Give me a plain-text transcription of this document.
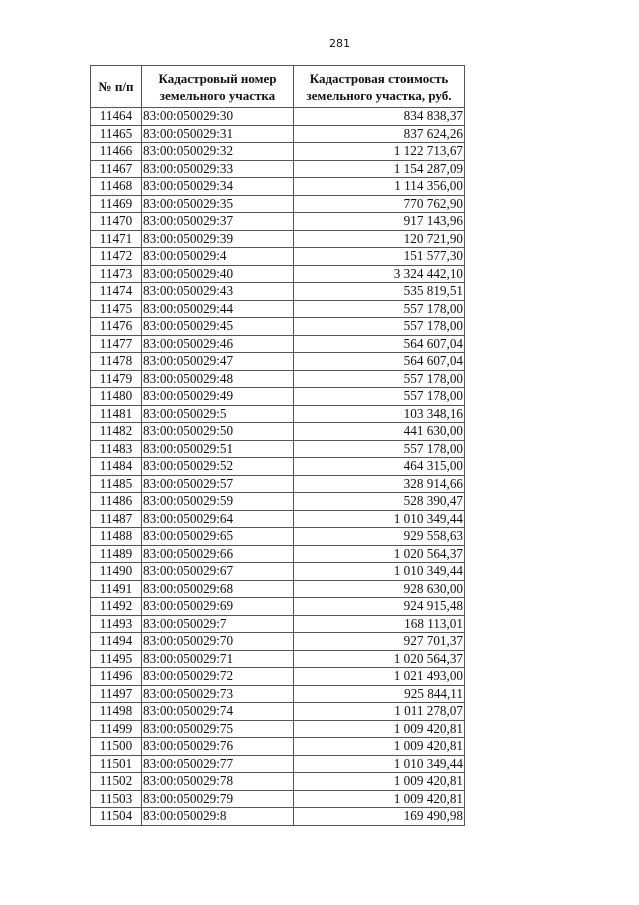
281
№ п/п	Кадастровый номер земельного участка	Кадастровая стоимость земельного участка, руб.
11464	83:00:050029:30	834 838,37
11465	83:00:050029:31	837 624,26
11466	83:00:050029:32	1 122 713,67
11467	83:00:050029:33	1 154 287,09
11468	83:00:050029:34	1 114 356,00
11469	83:00:050029:35	770 762,90
11470	83:00:050029:37	917 143,96
11471	83:00:050029:39	120 721,90
11472	83:00:050029:4	151 577,30
11473	83:00:050029:40	3 324 442,10
11474	83:00:050029:43	535 819,51
11475	83:00:050029:44	557 178,00
11476	83:00:050029:45	557 178,00
11477	83:00:050029:46	564 607,04
11478	83:00:050029:47	564 607,04
11479	83:00:050029:48	557 178,00
11480	83:00:050029:49	557 178,00
11481	83:00:050029:5	103 348,16
11482	83:00:050029:50	441 630,00
11483	83:00:050029:51	557 178,00
11484	83:00:050029:52	464 315,00
11485	83:00:050029:57	328 914,66
11486	83:00:050029:59	528 390,47
11487	83:00:050029:64	1 010 349,44
11488	83:00:050029:65	929 558,63
11489	83:00:050029:66	1 020 564,37
11490	83:00:050029:67	1 010 349,44
11491	83:00:050029:68	928 630,00
11492	83:00:050029:69	924 915,48
11493	83:00:050029:7	168 113,01
11494	83:00:050029:70	927 701,37
11495	83:00:050029:71	1 020 564,37
11496	83:00:050029:72	1 021 493,00
11497	83:00:050029:73	925 844,11
11498	83:00:050029:74	1 011 278,07
11499	83:00:050029:75	1 009 420,81
11500	83:00:050029:76	1 009 420,81
11501	83:00:050029:77	1 010 349,44
11502	83:00:050029:78	1 009 420,81
11503	83:00:050029:79	1 009 420,81
11504	83:00:050029:8	169 490,98
